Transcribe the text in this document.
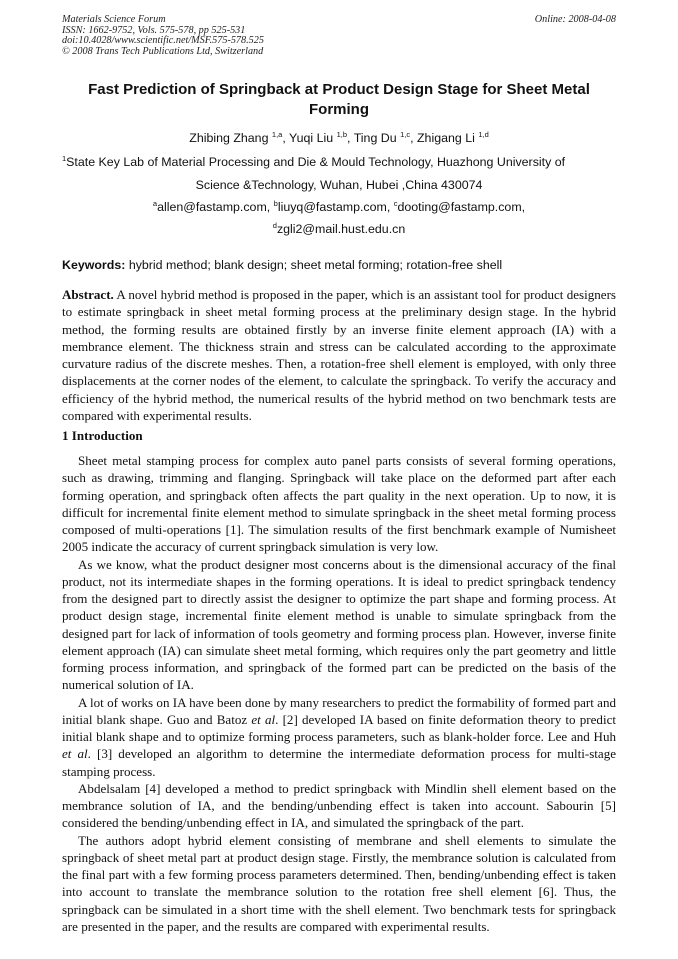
Materials Science Forum
ISSN: 1662-9752, Vols. 575-578, pp 525-531
doi:10.4028/www.scientific.net/MSF.575-578.525
© 2008 Trans Tech Publications Ltd, Switzerland
Online: 2008-04-08
Fast Prediction of Springback at Product Design Stage for Sheet Metal Forming
Zhibing Zhang $^{1,a}$, Yuqi Liu $^{1,b}$, Ting Du $^{1,c}$, Zhigang Li $^{1,d}$
$^1$State Key Lab of Material Processing and Die & Mould Technology, Huazhong University of
Science &Technology, Wuhan, Hubei ,China 430074
$^a$allen@fastamp.com, $^b$liuyq@fastamp.com, $^c$dooting@fastamp.com,
$^d$zgli2@mail.hust.edu.cn
Keywords: hybrid method; blank design; sheet metal forming; rotation-free shell

Abstract. A novel hybrid method is proposed in the paper, which is an assistant tool for product designers to estimate springback in sheet metal forming process at the preliminary design stage. In the hybrid method, the forming results are obtained firstly by an inverse finite element approach (IA) with a membrance element. The thickness strain and stress can be calculated according to the approximate curvature radius of the discrete meshes. Then, a rotation-free shell element is employed, with only three displacements at the corner nodes of the element, to calculate the springback. To verify the accuracy and efficiency of the hybrid method, the numerical results of the hybrid method on two benchmark tests are compared with experimental results.

1 Introduction

Sheet metal stamping process for complex auto panel parts consists of several forming operations, such as drawing, trimming and flanging. Springback will take place on the deformed part after each forming operation, and springback often affects the part quality in the next operation. Up to now, it is difficult for incremental finite element method to simulate springback in the sheet metal forming process composed of multi-operations [1]. The simulation results of the first benchmark example of Numisheet 2005 indicate the accuracy of current springback simulation is very low.

As we know, what the product designer most concerns about is the dimensional accuracy of the final product, not its intermediate shapes in the forming operations. It is ideal to predict springback tendency from the designed part to directly assist the designer to optimize the part shape and forming process. At product design stage, incremental finite element method is unable to simulate springback from the designed part for lack of information of tools geometry and forming process plan. However, inverse finite element approach (IA) can simulate sheet metal forming, which requires only the part geometry and little forming process information, and springback of the formed part can be predicted on the basis of the numerical solution of IA.

A lot of works on IA have been done by many researchers to predict the formability of formed part and initial blank shape. Guo and Batoz et al. [2] developed IA based on finite deformation theory to predict initial blank shape and to optimize forming process parameters, such as blank-holder force. Lee and Huh et al. [3] developed an algorithm to determine the intermediate deformation process for multi-stage stamping process.

Abdelsalam [4] developed a method to predict springback with Mindlin shell element based on the membrance solution of IA, and the bending/unbending effect is taken into account. Sabourin [5] considered the bending/unbending effect in IA, and simulated the springback of the part.

The authors adopt hybrid element consisting of membrane and shell elements to simulate the springback of sheet metal part at product design stage. Firstly, the membrance solution is calculated from the final part with a few forming process parameters determined. Then, bending/unbending effect is taken into account to translate the membrance solution to the rotation free shell element [6]. Thus, the springback can be simulated in a short time with the shell element. Two benchmark tests for springback are presented in the paper, and the results are compared with experimental results.
